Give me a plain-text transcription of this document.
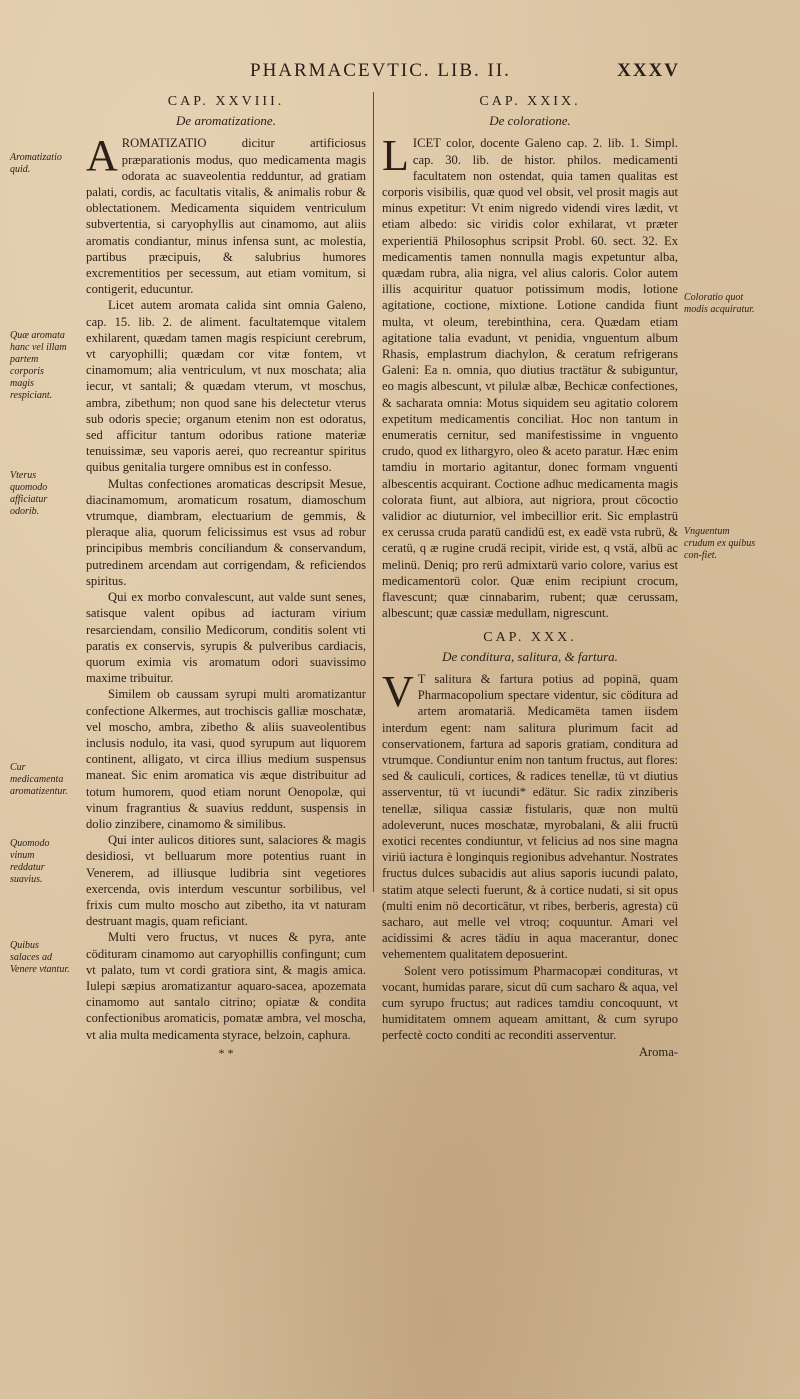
PHARMACEVTIC. LIB. II.	XXXV
CAP. XXVIII.
De aromatizatione.

A ROMATIZATIO dicitur artificiosus præparationis modus, quo medicamenta magis odorata ac suaveolentia redduntur, ad gratiam palati, cordis, ac facultatis vitalis, & animalis robur & oblectationem. Medicamenta siquidem ventriculum subvertentia, si caryophyllis aut cinamomo, aut aliis aromatis condiantur, minus infensa sunt, ac molestia, partibus præcipuis, & salubrius humores excrementitios per secessum, aut etiam vomitum, si contigerit, educuntur.

Licet autem aromata calida sint omnia Galeno, cap. 15. lib. 2. de aliment. facultatemque vitalem exhilarent, quædam tamen magis respiciunt cerebrum, vt caryophilli; quædam cor vitæ fontem, vt cinamomum; alia ventriculum, vt nux moschata; alia iecur, vt santali; & quædam vterum, vt moschus, ambra, zibethum; non quod sane his delectetur vterus sub odoris specie; organum etenim non est odoratus, sed afficitur tantum odoribus ratione materiæ tenuissimæ, seu vaporis aerei, quo recreantur spiritus quibus genitalia turgere omnibus est in confesso.

Multas confectiones aromaticas descripsit Mesue, diacinamomum, aromaticum rosatum, diamoschum vtrumque, diambram, electuarium de gemmis, & pleraque alia, quorum felicissimus est vsus ad robur principibus membris conciliandum & conservandum, putredinem arcendam aut corrigendam, & reficiendos spiritus.

Qui ex morbo convalescunt, aut valde sunt senes, satisque valent opibus ad iacturam virium resarciendam, consilio Medicorum, conditis solent vti paratis ex conservis, syrupis & pulveribus cardiacis, quorum eximia vis aromatum odori suavissimo maxime tribuitur.

Similem ob caussam syrupi multi aromatizantur confectione Alkermes, aut trochiscis galliæ moschatæ, vel moscho, ambra, zibetho & aliis suaveolentibus inclusis nodulo, ita vasi, quod syrupum aut liquorem continent, alligato, vt circa illius medium suspensus maneat. Sic enim aromatica vis æque distribuitur ad totum humorem, quod etiam norunt Oenopolæ, qui vinum fragrantius & suavius reddunt, suspensis in dolio zinzibere, cinamomo & similibus.

Qui inter aulicos ditiores sunt, salaciores & magis desidiosi, vt belluarum more potentius ruant in Venerem, ad illiusque ludibria sint vegetiores exercenda, ovis interdum vescuntur sorbilibus, vel frixis cum multo moscho aut zibetho, ita vt naturam destruant magis, quam reficiant.

Multi vero fructus, vt nuces & pyra, ante cödituram cinamomo aut caryophillis confingunt; cum vt palato, tum vt cordi gratiora sint, & magis amica. Iulepi sæpius aromatizantur aquaro-sacea, apozemata cinamomo aut santalo citrino; opiatæ & condita confectionibus aromaticis, pomatæ ambra, vel moscha, vt alia multa medicamenta styrace, belzoin, caphura.

* *
CAP. XXIX.
De coloratione.

L ICET color, docente Galeno cap. 2. lib. 1. Simpl. cap. 30. lib. de histor. philos. medicamenti facultatem non ostendat, quia tamen qualitas est corporis visibilis, quæ quod vel obsit, vel prosit magis aut minus expetitur: Vt enim nigredo videndi vires lædit, vt etiam albedo: sic viridis color exhilarat, vt præter experientiä Philosophus scripsit Probl. 60. sect. 32. Ex medicamentis tamen nonnulla magis expetuntur alba, quædam rubra, alia nigra, vel alius caloris. Color autem illis acquiritur quatuor potissimum modis, lotione agitatione, coctione, mixtione. Lotione candida fiunt multa, vt oleum, terebinthina, cera. Quædam etiam agitatione talia evadunt, vt penidia, vnguentum album Rhasis, emplastrum diachylon, & ceratum refrigerans Galeni: Ea n. omnia, quo diutius tractätur & subiguntur, eo magis albescunt, vt pilulæ albæ, Bechicæ confectiones, & sacharata omnia: Motus siquidem seu agitatio colorem expetitum medicamentis conciliat. Hoc non tantum in enumeratis cernitur, sed manifestissime in vnguento crudo, quod ex lithargyro, oleo & aceto paratur. Hæc enim tamdiu in mortario agitantur, donec formam vnguenti albescentis acquirant. Coctione adhuc medicamenta magis colorata fiunt, aut albiora, aut nigriora, prout cöcoctio validior ac diuturnior, vel imbecillior erit. Sic emplastrü ex cerussa cruda paratü candidü est, ex eadë vsta rubrü, & ceratü, q æ rugine crudä recipit, viride est, q vstä, albü ac melinü. Deniq; pro rerü admixtarü vario colore, varius est medicamentorü color. Quæ enim recipiunt crocum, flavescunt; quæ cinnabarim, rubent; quæ cerussam, albescunt; quæ cassiæ medullam, nigrescunt.

CAP. XXX.
De conditura, salitura, & fartura.

V T salitura & fartura potius ad popinä, quam Pharmacopolium spectare videntur, sic cöditura ad artem aromatariä. Medicamëta tamen iisdem interdum egent: nam salitura plurimum facit ad conservationem, fartura ad saporis gratiam, conditura ad vtrumque. Condiuntur enim non tantum fructus, aut flores: sed & cauliculi, cortices, & radices tenellæ, tü vt diutius asserventur, tü vt iucundi* edätur. Sic radix zinziberis tenellæ, siliqua cassiæ fistularis, quæ non multü adoleverunt, nuces moschatæ, myrobalani, & alii fructü exotici recentes condiuntur, vt felicius ad nos sine magna viriü iactura è longinquis regionibus advehantur. Nostrates fructus dulces subacidis aut alius saporis iucundi palato, statim atque selecti fuerunt, & à cortice nudati, si sit opus (multi enim nö decorticätur, vt ribes, berberis, agresta) cü sacharo, aut melle vel vtroq; coquuntur. Amari vel acidissimi & acres tädiu in aqua macerantur, donec vehementem qualitatem deposuerint.

Solent vero potissimum Pharmacopæi condituras, vt vocant, humidas parare, sicut dü cum sacharo & aqua, vel cum syrupo fructus; aut radices tamdiu concoquunt, vt humiditatem omnem aqueam amittant, & cum syrupo perfectè cocto conditi ac reconditi asserventur.

Aroma-
Aromatizatio quid.
Quæ aromata hanc vel illam partem corporis magis respiciant.
Vterus quomodo afficiatur odorib.
Cur medicamenta aromatizentur.
Quomodo vinum reddatur suavius.
Quibus salaces ad Venere vtantur.
Coloratio quot modis acquiratur.
Vnguentum crudum ex quibus con-fiet.
